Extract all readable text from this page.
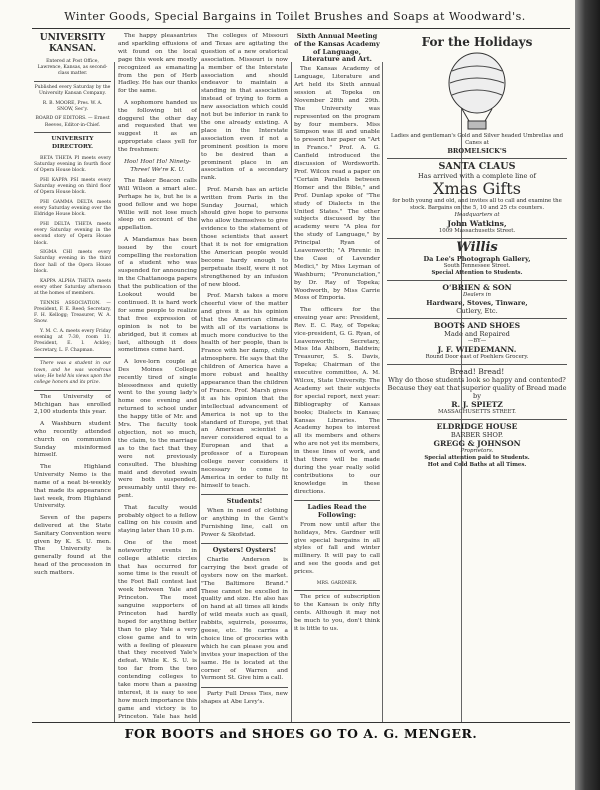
Winter Goods, Special Bargains in Toilet Brushes and Soaps at Woodward's.

UNIVERSITY KANSAN.

Entered at Post Office, Lawrence, Kansas, as second-class matter.

Published every Saturday by the University Kansan Company.

R. B. MOORE, Pres. W. A. SNOW, Sec'y.

BOARD OF EDITORS. — Ernest Reeves, Editor-in-Chief.

UNIVERSITY DIRECTORY.

BETA THETA PI meets every Saturday evening in fourth floor of Opera House block.

PHI KAPPA PSI meets every Saturday evening on third floor of Opera House block.

PHI GAMMA DELTA meets every Saturday evening over the Eldridge House block.

PHI DELTA THETA meets every Saturday evening in the second story of Opera House block.

SIGMA CHI meets every Saturday evening in the third floor hall of the Opera House block.

KAPPA ALPHA THETA meets every other Saturday afternoon at the homes of members.

TENNIS ASSOCIATION. — President, F. E. Reed; Secretary, F. H. Kellogg; Treasurer, W. A. Snow.

Y. M. C. A. meets every Friday evening at 7:30, room 11. President, E. I. Ackley; Secretary, L. F. Chapman.

There was a student in our town, and he was wondrous wise; He held his views upon the college honors and its prize.

The University of Michigan has enrolled 2,100 students this year.

A Washburn student who recently attended church on communion Sunday misinformed himself.

The Highland University Nemo is the name of a neat bi-weekly that made its appearance last week, from Highland University.

Seven of the papers delivered at the State Sanitary Convention were given by K. S. U. men. The University is generally found at the head of the procession in such matters.

The happy pleasantries and sparkling effusions of wit found on the local page this week are mostly recognized as emanating from the pen of Herb Hadley. He has our thanks for the same.

A sophomore handed us the following bit of doggerel the other day and requested that we suggest it as an appropriate class yell for the freshmen:

Hoo! Hoo! Ho! Ninety-Three! We're K. U.

The Baker Beacon calls Will Wilson a smart alec. Perhaps he is, but he is a good fellow and we hope Willie will not lose much sleep on account of the appellation.

A Mandamus has been issued by the court compelling the restoration of a student who was suspended for announcing in the Chattanooga papers that the publication of the Lookout would be continued. It is hard work for some people to realize that free expression of opinion is not to be abridged, but it comes at last, although it does sometimes come hard.

A love-lorn couple at Des Moines College recently tired of single blessedness and quietly went to the young lady's home one evening and returned to school under the happy title of Mr. and Mrs. The faculty took objection, not so much, the claim, to the marriage as to the fact that they were not previously consulted. The blushing maid and devoted swain were both suspended, presumably until they re-pent.

That faculty would probably object to a fellow calling on his cousin and staying later than 10 p.m.

One of the most noteworthy events in college athletic circles that has occurred for some time is the result of the Foot Ball contest last week between Yale and Princeton. The most sanguine supporters of Princeton had hardly hoped for anything better than to play Yale a very close game and to win with a feeling of pleasure that they received Yale's defeat. While K. S. U. is too far from the two contending colleges to take more than a passing interest, it is easy to see how much importance this game and victory is to Princeton. Yale has held

The colleges of Missouri and Texas are agitating the question of a new oratorical association. Missouri is now a member of the Interstate association and should endeavor to maintain a standing in that association instead of trying to form a new association which could not but be inferior in rank to the one already existing. A place in the Interstate association even if not a prominent position is more to be desired than a prominent place in an association of a secondary rank.

Prof. Marsh has an article written from Paris in the Sunday Journal, which should give hope to persons who allow themselves to give evidence to the statement of those scientists that assert that it is not for emigration the American people would become hardy enough to perpetuate itself, were it not strengthened by an infusion of new blood.

Prof. Marsh takes a more cheerful view of the matter and gives it as his opinion that the American climate with all of its variations is much more conducive to the health of her people, than is France with her damp, chilly atmosphere. He says that the children of America have a more robust and healthy appearance than the children of France. Prof. Marsh gives it as his opinion that the intellectual advancement of America is not up to the standard of Europe, yet that an American scientist is never considered equal to a European and that a professor of a European college never considers it necessary to come to America in order to fully fit himself to teach.

Students!

When in need of clothing or anything in the Gent's Furnishing line, call on Power & Skofstad.

Oysters! Oysters!

Charlie Anderson is carrying the best grade of oysters now on the market. "The Baltimore Brand." These cannot be excelled in quality and size. He also has on hand at all times all kinds of wild meats such as quail, rabbits, squirrels, possums, geese, etc. He carries a choice line of groceries with which he can please you and invites your inspection of the same. He is located at the corner of Warren and Vermont St. Give him a call.

Party Full Dress Ties, new shapes at Abe Levy's.

Sixth Annual Meeting of the Kansas Academy of Language, Literature and Art.

The Kansas Academy of Language, Literature and Art held its Sixth annual session at Topeka on November 28th and 29th. The University was represented on the program by four members. Miss Simpson was ill and unable to present her paper on "Art in France." Prof. A. G. Canfield introduced the discussion of Wordsworth. Prof. Wilcox read a paper on "Certain Parallels between Homer and the Bible," and Prof. Dunlap spoke of "The study of Dialects in the United States." The other subjects discussed by the academy were "A plea for the study of Language," by Principal Ryan of Leavenworth; "A Phrenic in the Case of Lavender Medici," by Miss Leyman of Washburn; "Pronunciation," by Dr. Ray of Topeka; Woodworth, by Miss Carrie Moss of Emporia.

The officers for the ensuing year are: President, Rev. E. C. Ray, of Topeka; vice-president, G. G. Ryan, of Leavenworth; Secretary, Miss Ida Ahlborn, Baldwin; Treasurer, S. S. Davis, Topeka; Chairman of the executive committee, A. M. Wilcox, State University. The Academy set their subjects for special report, next year: Bibliography of Kansas books; Dialects in Kansas; Kansas Libraries. The Academy hopes to interest all its members and others who are not yet its members, in these lines of work, and that there will be made during the year really solid contributions to our knowledge in these directions.

Ladies Read the Following:

From now until after the holidays, Mrs. Gardner will give special bargains in all styles of fall and winter millinery. It will pay to call and see the goods and get prices.

MRS. GARDNER.

The price of subscription to the Kansan is only fifty cents. Although it may not be much to you, don't think it is little to us.

For the Holidays
Ladies and gentleman's Gold and Silver headed Umbrellas and Canes at
BROMELSICK'S
SANTA CLAUS
Has arrived with a complete line of
Xmas Gifts
for both young and old, and invites all to call and examine the stock. Bargains on the 5, 10 and 25 cts counters.
Headquarters at
John Watkins,
1009 Massachusetts Street.
Willis
Da Lee's Photograph Gallery,
South Tennessee Street.
Special Attention to Students.
O'BRIEN & SON
Dealers in
Hardware, Stoves, Tinware,
Cutlery, Etc.
BOOTS AND SHOES
Made and Repaired
—BY—
J. F. WIEDEMANN.
Round Door east of Poehlers Grocery.
Bread! Bread!
Why do those students look so happy and contented? Because they eat that superior quality of Bread made by
R. J. SPIETZ
MASSACHUSETTS STREET.
ELDRIDGE HOUSE
BARBER SHOP.
GREGG & JOHNSON
Proprietors.
Special attention paid to Students.
Hot and Cold Baths at all Times.
FOR BOOTS and SHOES GO TO A. G. MENGER.
